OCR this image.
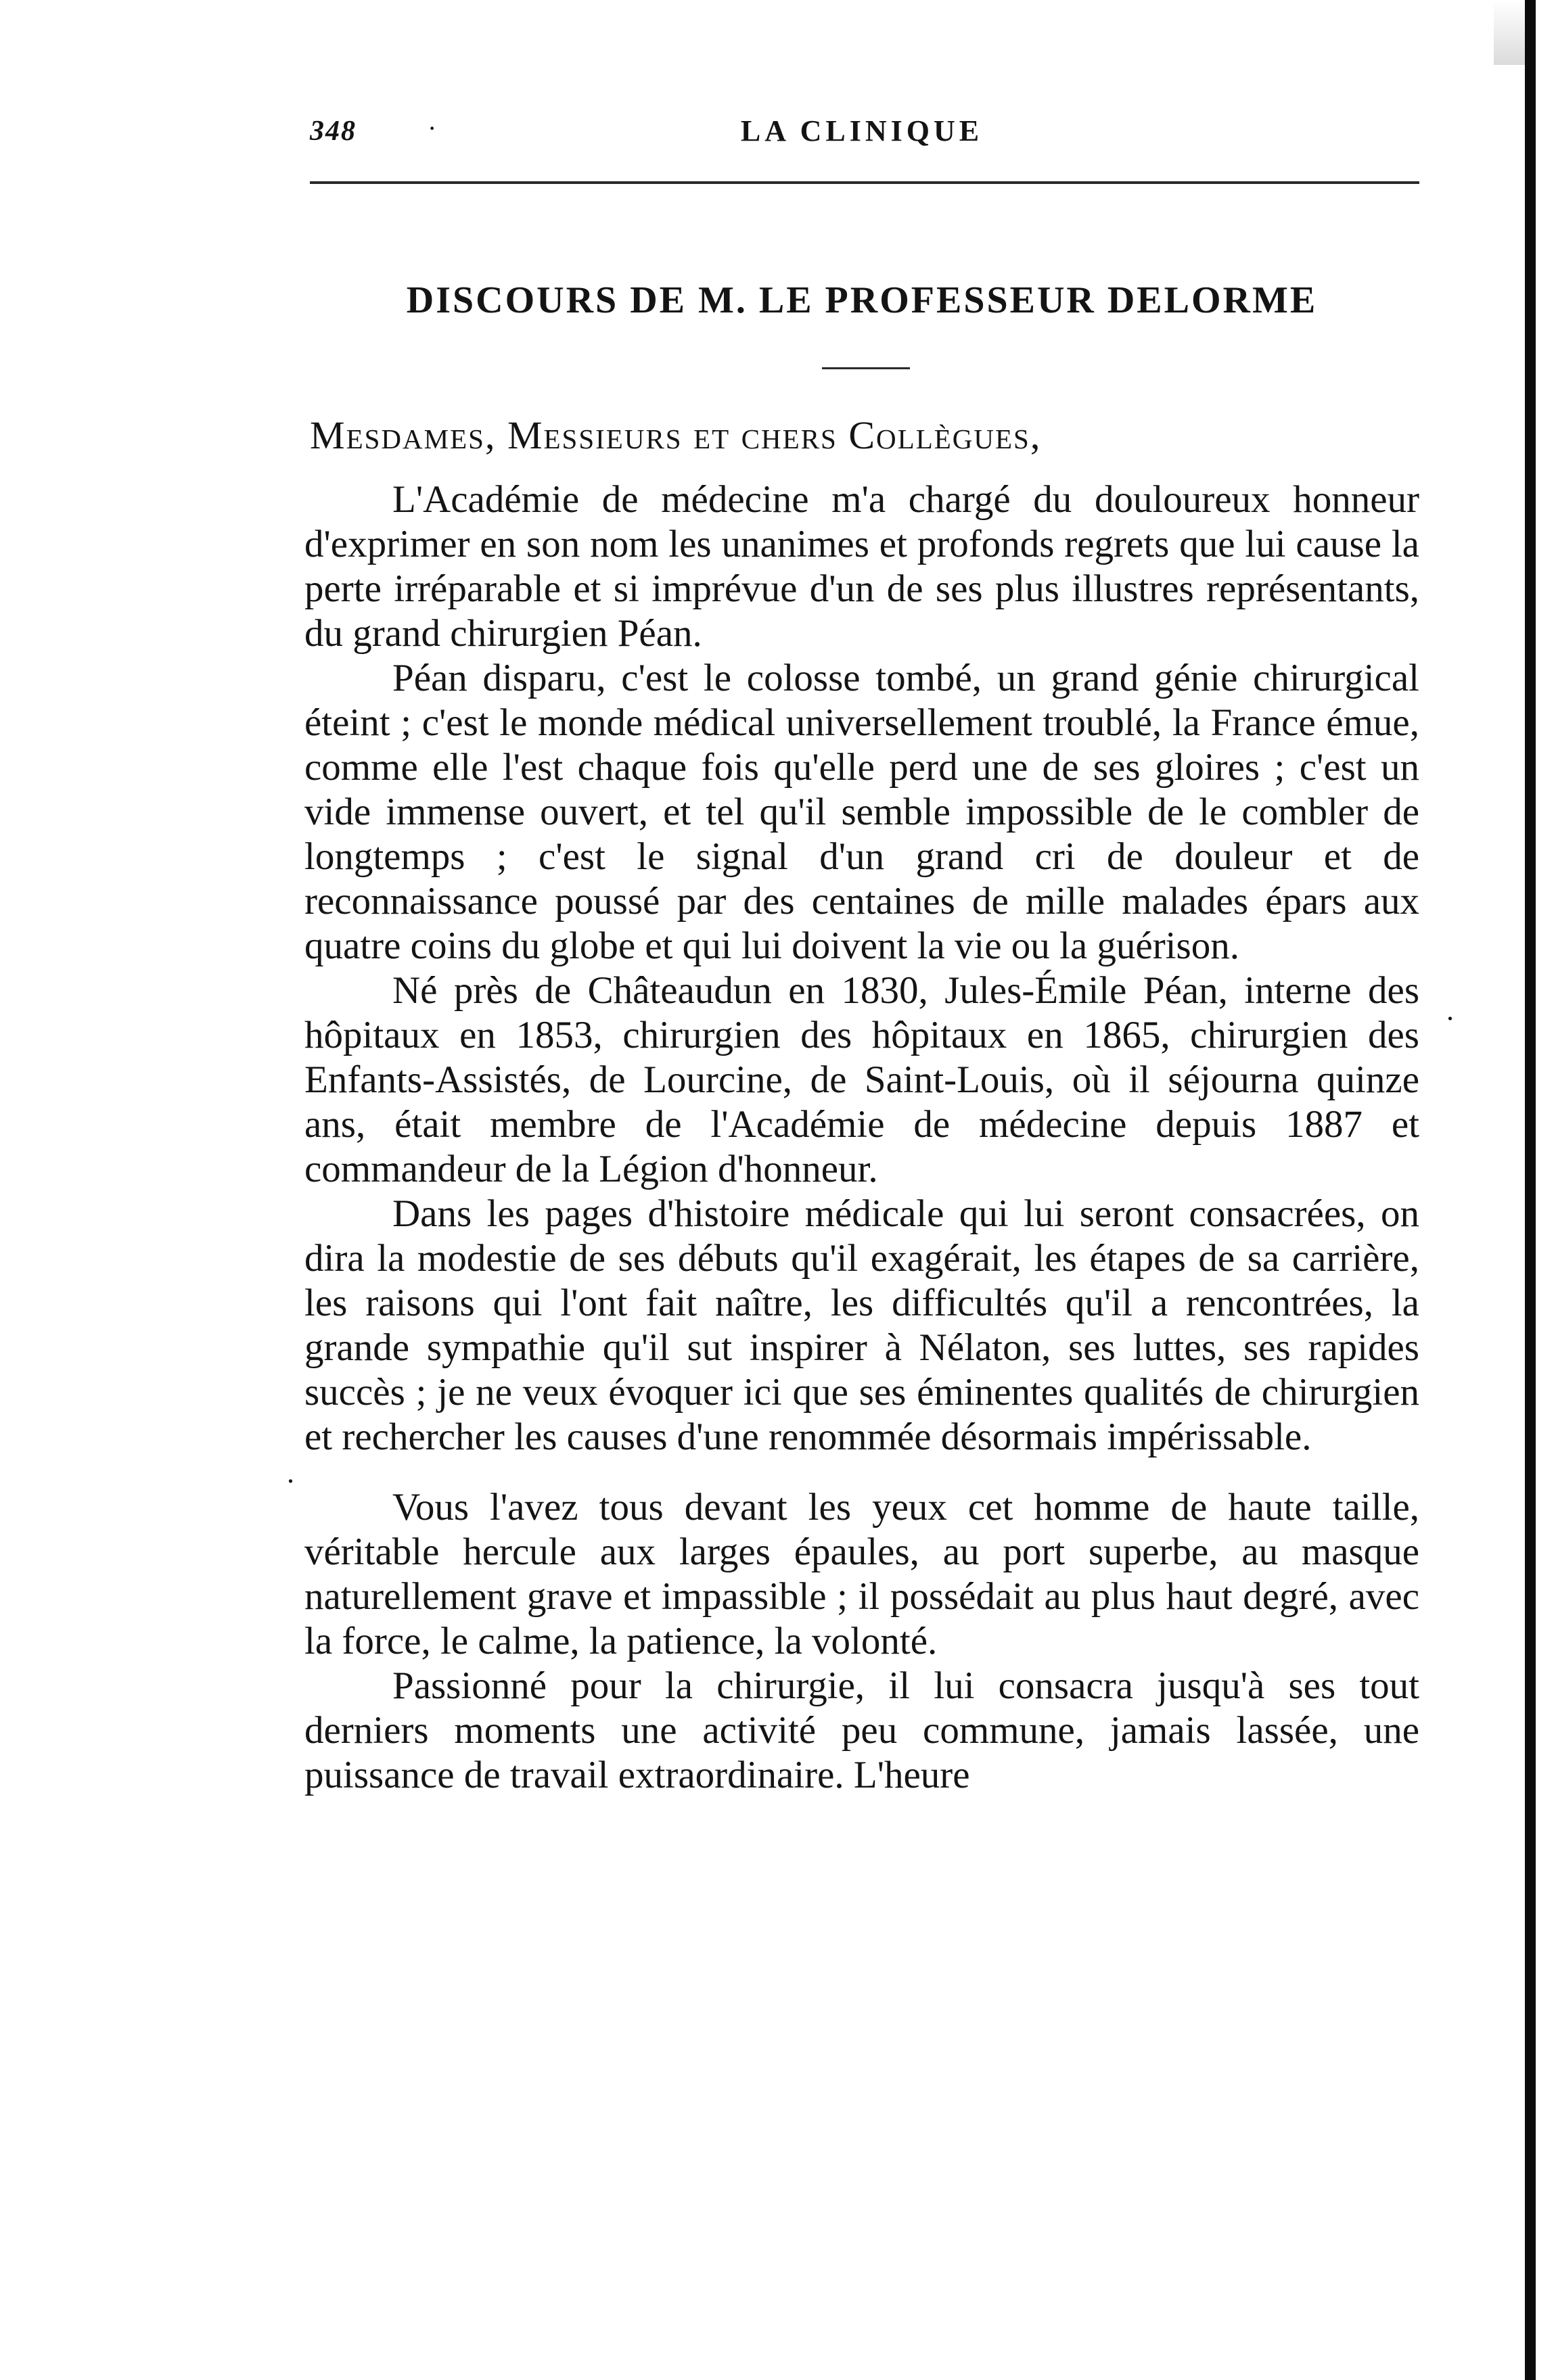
348	·	LA CLINIQUE
DISCOURS DE M. LE PROFESSEUR DELORME
Mesdames, Messieurs et chers Collègues,

L'Académie de médecine m'a chargé du douloureux honneur d'exprimer en son nom les unanimes et profonds regrets que lui cause la perte irréparable et si imprévue d'un de ses plus illustres représentants, du grand chirurgien Péan.

Péan disparu, c'est le colosse tombé, un grand génie chirurgical éteint ; c'est le monde médical universellement troublé, la France émue, comme elle l'est chaque fois qu'elle perd une de ses gloires ; c'est un vide immense ouvert, et tel qu'il semble impossible de le combler de longtemps ; c'est le signal d'un grand cri de douleur et de reconnaissance poussé par des centaines de mille malades épars aux quatre coins du globe et qui lui doivent la vie ou la guérison.

Né près de Châteaudun en 1830, Jules-Émile Péan, interne des hôpitaux en 1853, chirurgien des hôpitaux en 1865, chirurgien des Enfants-Assistés, de Lourcine, de Saint-Louis, où il séjourna quinze ans, était membre de l'Académie de médecine depuis 1887 et commandeur de la Légion d'honneur.

Dans les pages d'histoire médicale qui lui seront consacrées, on dira la modestie de ses débuts qu'il exagérait, les étapes de sa carrière, les raisons qui l'ont fait naître, les difficultés qu'il a rencontrées, la grande sympathie qu'il sut inspirer à Nélaton, ses luttes, ses rapides succès ; je ne veux évoquer ici que ses éminentes qualités de chirurgien et rechercher les causes d'une renommée désormais impérissable.

Vous l'avez tous devant les yeux cet homme de haute taille, véritable hercule aux larges épaules, au port superbe, au masque naturellement grave et impassible ; il possédait au plus haut degré, avec la force, le calme, la patience, la volonté.

Passionné pour la chirurgie, il lui consacra jusqu'à ses tout derniers moments une activité peu commune, jamais lassée, une puissance de travail extraordinaire. L'heure

.
.
